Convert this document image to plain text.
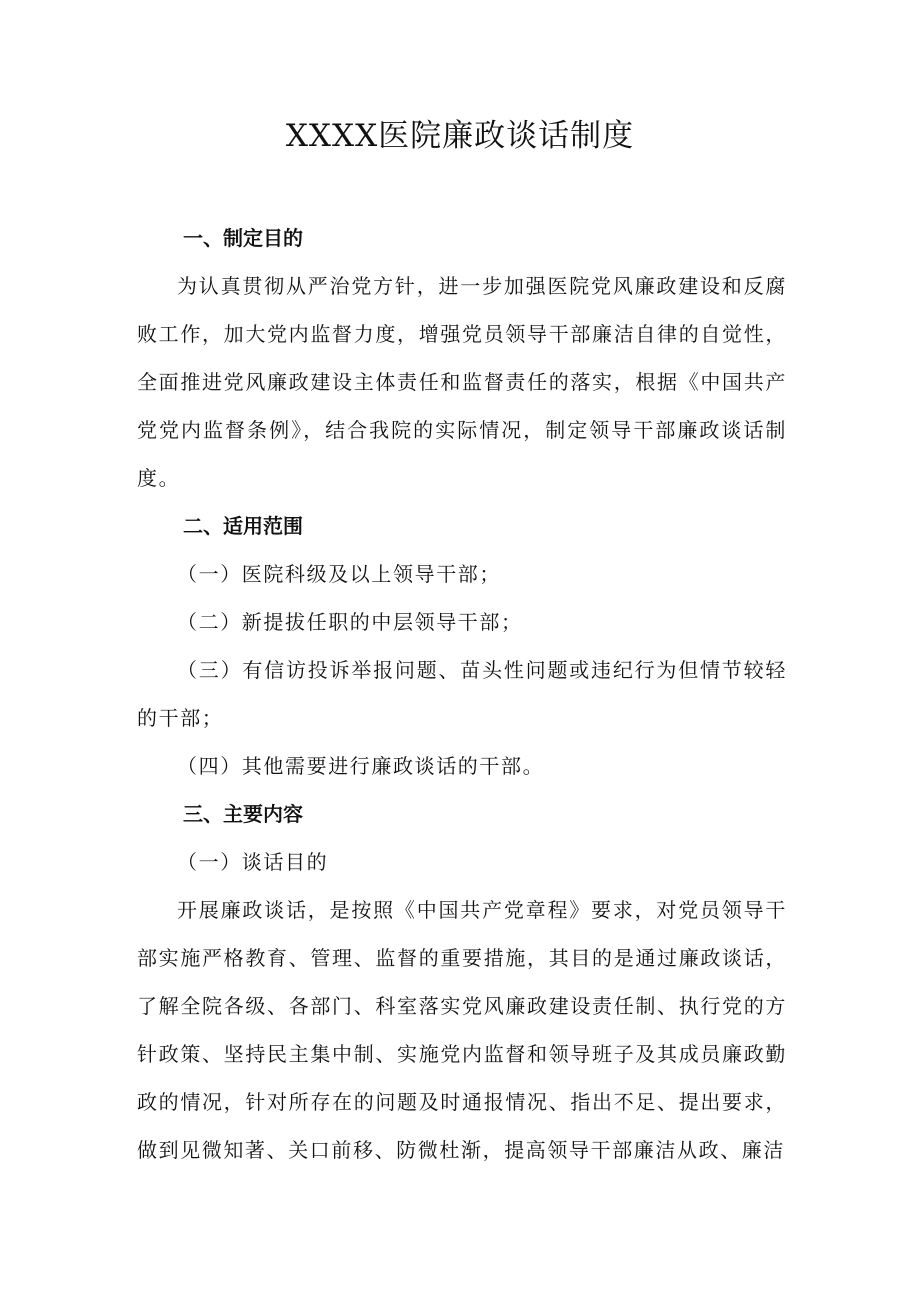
XXXX医院廉政谈话制度
一、制定目的

为认真贯彻从严治党方针，进一步加强医院党风廉政建设和反腐败工作，加大党内监督力度，增强党员领导干部廉洁自律的自觉性，全面推进党风廉政建设主体责任和监督责任的落实，根据《中国共产党党内监督条例》，结合我院的实际情况，制定领导干部廉政谈话制度。

二、适用范围

（一）医院科级及以上领导干部；

（二）新提拔任职的中层领导干部；

（三）有信访投诉举报问题、苗头性问题或违纪行为但情节较轻的干部；

（四）其他需要进行廉政谈话的干部。

三、主要内容

（一）谈话目的

开展廉政谈话，是按照《中国共产党章程》要求，对党员领导干部实施严格教育、管理、监督的重要措施，其目的是通过廉政谈话，了解全院各级、各部门、科室落实党风廉政建设责任制、执行党的方针政策、坚持民主集中制、实施党内监督和领导班子及其成员廉政勤政的情况，针对所存在的问题及时通报情况、指出不足、提出要求，做到见微知著、关口前移、防微杜渐，提高领导干部廉洁从政、廉洁
